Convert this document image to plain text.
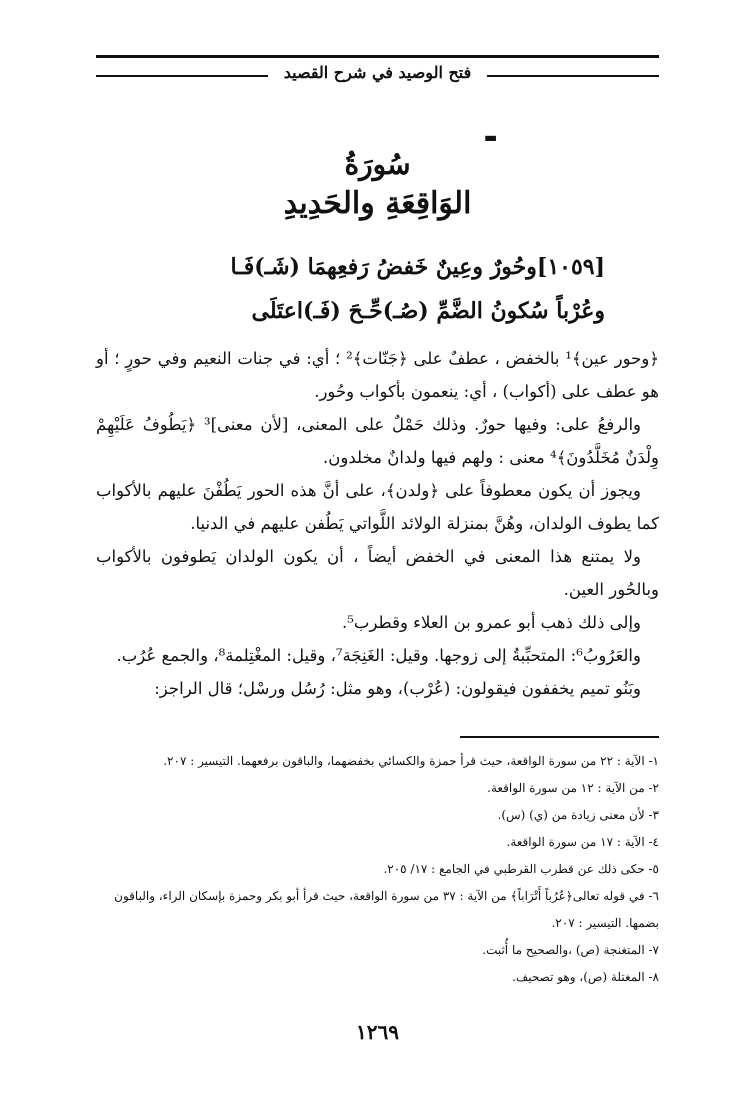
فتح الوصيد في شرح القصيد
▬
سُورَةُ
الوَاقِعَةِ والحَدِيدِ
[١٠٥٩]وحُورٌ وعِينٌ خَفضُ رَفعِهمَا (شَـ)فَـا
وعُرْباً سُكونُ الضَّمِّ (صُـ)حِّـحَ (فَـ)اعتَلَى

﴿وحور عين﴾¹ بالخفض ، عطفٌ على ﴿جَنّات﴾² ؛ أي: في جنات النعيم وفي حورٍ ؛ أو هو عطف على (أكواب) ، أي: ينعمون بأكواب وحُور.

والرفعُ على: وفيها حورٌ. وذلك حَمْلٌ على المعنى، [لأن معنى]³ ﴿يَطُوفُ عَلَيْهِمْ وِلْدَنٌ مُخَلَّدُونَ﴾⁴ معنى : ولهم فيها ولدانٌ مخلدون.

ويجوز أن يكون معطوفاً على ﴿ولدن﴾، على أنَّ هذه الحور يَطُفْنَ عليهم بالأكواب كما يطوف الولدان، وهُنَّ بمنزلة الولائد اللَّواتي يَطُفن عليهم في الدنيا.

ولا يمتنع هذا المعنى في الخفض أيضاً ، أن يكون الولدان يَطوفون بالأكواب وبالحُور العين.

وإلى ذلك ذهب أبو عمرو بن العلاء وقطرب⁵.

والعَرُوبُ⁶: المتحبِّبةُ إلى زوجها. وقيل: الغَنِجَة⁷، وقيل: المغْتِلمة⁸، والجمع عُرُب.

وبَنُو تميم يخففون فيقولون: (عُرْب)، وهو مثل: رُسُل ورسْل؛ قال الراجز:

١- الآية : ٢٢ من سورة الواقعة، حيث قرأ حمزة والكسائي بخفضهما، والباقون برفعهما. التيسير : ٢٠٧.

٢- من الآية : ١٢ من سورة الواقعة.

٣- لأن معنى زيادة من (ي) (س).

٤- الآية : ١٧ من سورة الواقعة.

٥- حكى ذلك عن قطرب القرطبي في الجامع : ١٧/ ٢٠٥.

٦- في قوله تعالى﴿عُرُباً أَتْرَاباً﴾ من الآية : ٣٧ من سورة الواقعة، حيث قرأ أبو بكر وحمزة بإسكان الراء، والباقون بضمها. التيسير : ٢٠٧.

٧- المتغنجة (ص) ،والصحيح ما أُثبت.

٨- المغتلة (ص)، وهو تصحيف.

١٢٦٩
